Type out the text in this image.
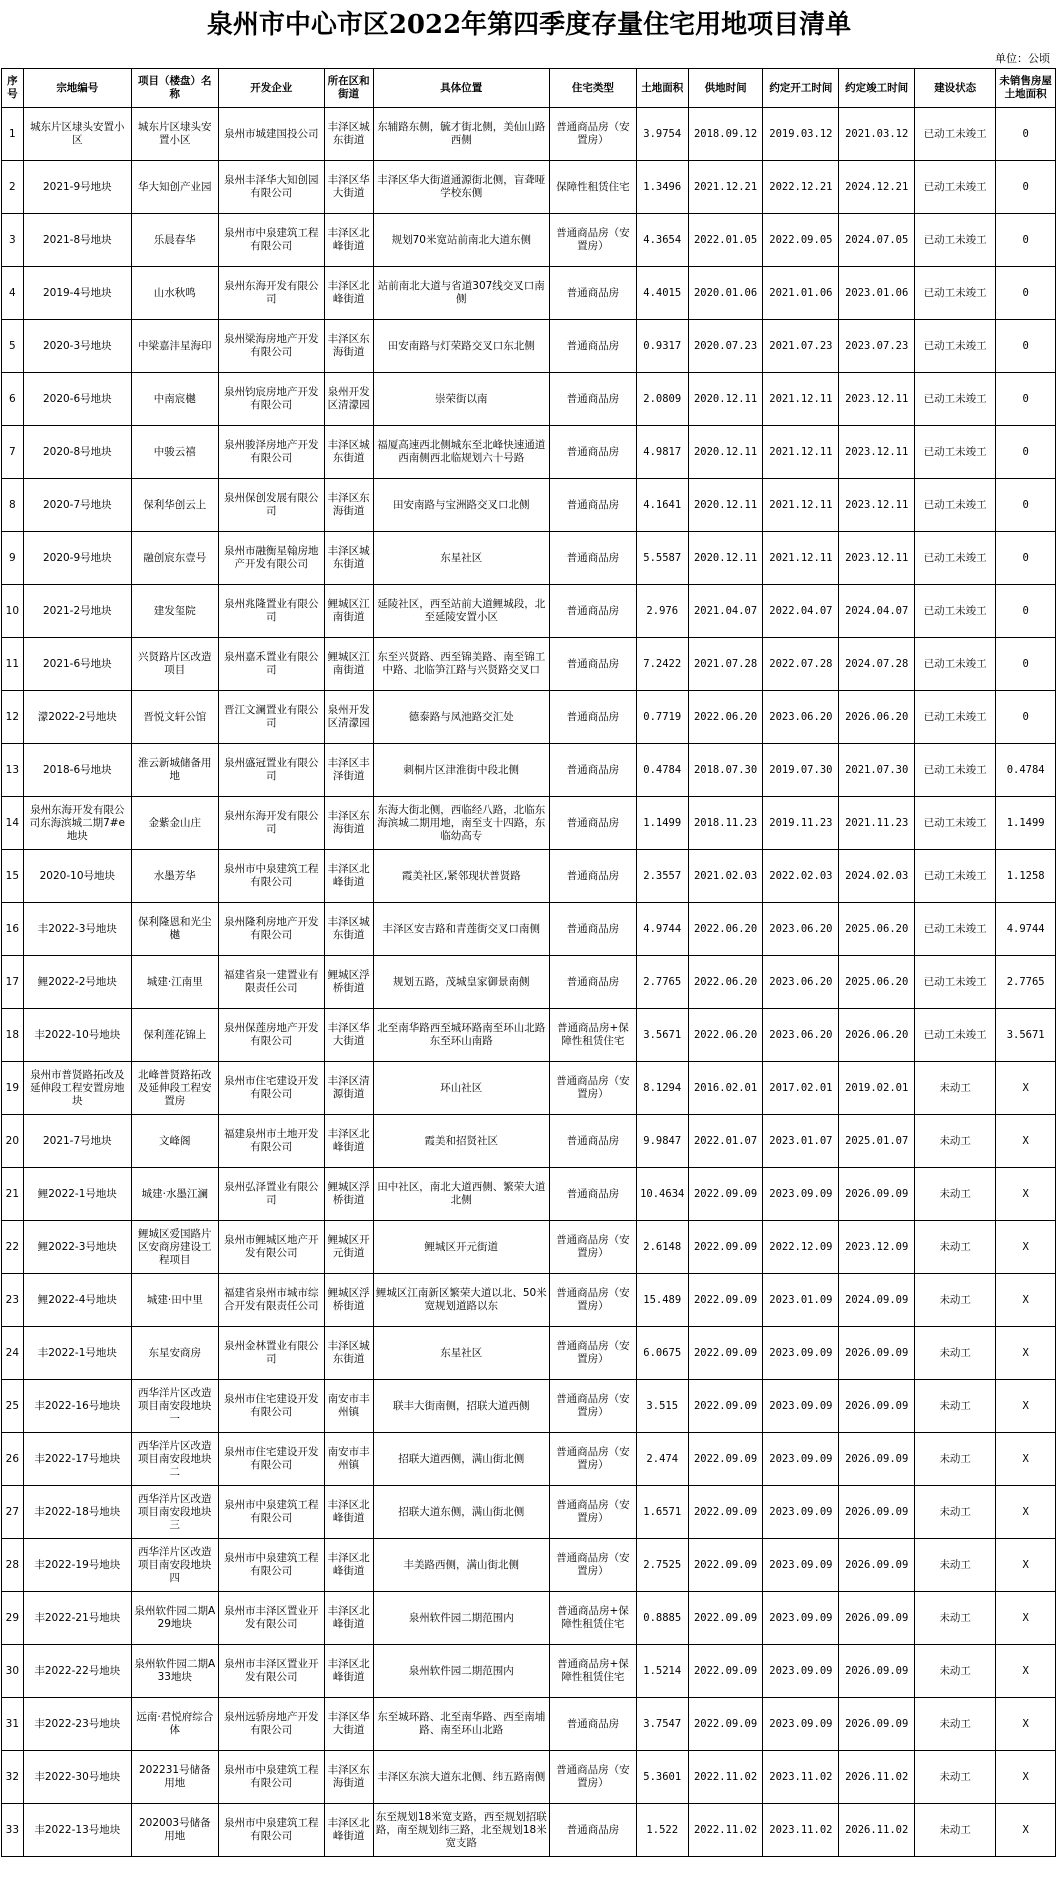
泉州市中心市区2022年第四季度存量住宅用地项目清单
单位：公顷
序号	宗地编号	项目（楼盘）名称	开发企业	所在区和街道	具体位置	住宅类型	土地面积	供地时间	约定开工时间	约定竣工时间	建设状态	未销售房屋土地面积
1	城东片区埭头安置小区	城东片区埭头安置小区	泉州市城建国投公司	丰泽区城东街道	东辅路东侧，毓才街北侧，美仙山路西侧	普通商品房（安置房）	3.9754	2018.09.12	2019.03.12	2021.03.12	已动工未竣工	0
2	2021-9号地块	华大知创产业园	泉州丰泽华大知创园有限公司	丰泽区华大街道	丰泽区华大街道通源街北侧，盲聋哑学校东侧	保障性租赁住宅	1.3496	2021.12.21	2022.12.21	2024.12.21	已动工未竣工	0
3	2021-8号地块	乐晨春华	泉州市中泉建筑工程有限公司	丰泽区北峰街道	规划70米宽站前南北大道东侧	普通商品房（安置房）	4.3654	2022.01.05	2022.09.05	2024.07.05	已动工未竣工	0
4	2019-4号地块	山水秋鸣	泉州东海开发有限公司	丰泽区北峰街道	站前南北大道与省道307线交叉口南侧	普通商品房	4.4015	2020.01.06	2021.01.06	2023.01.06	已动工未竣工	0
5	2020-3号地块	中梁嘉沣星海印	泉州梁海房地产开发有限公司	丰泽区东海街道	田安南路与灯荣路交叉口东北侧	普通商品房	0.9317	2020.07.23	2021.07.23	2023.07.23	已动工未竣工	0
6	2020-6号地块	中南宸樾	泉州钧宸房地产开发有限公司	泉州开发区清濛园	崇荣街以南	普通商品房	2.0809	2020.12.11	2021.12.11	2023.12.11	已动工未竣工	0
7	2020-8号地块	中骏云禧	泉州骏泽房地产开发有限公司	丰泽区城东街道	福厦高速西北侧城东至北峰快速通道西南侧西北临规划六十号路	普通商品房	4.9817	2020.12.11	2021.12.11	2023.12.11	已动工未竣工	0
8	2020-7号地块	保利华创云上	泉州保创发展有限公司	丰泽区东海街道	田安南路与宝洲路交叉口北侧	普通商品房	4.1641	2020.12.11	2021.12.11	2023.12.11	已动工未竣工	0
9	2020-9号地块	融创宸东壹号	泉州市融衡星翰房地产开发有限公司	丰泽区城东街道	东星社区	普通商品房	5.5587	2020.12.11	2021.12.11	2023.12.11	已动工未竣工	0
10	2021-2号地块	建发玺院	泉州兆隆置业有限公司	鲤城区江南街道	延陵社区，西至站前大道鲤城段，北至延陵安置小区	普通商品房	2.976	2021.04.07	2022.04.07	2024.04.07	已动工未竣工	0
11	2021-6号地块	兴贤路片区改造项目	泉州嘉禾置业有限公司	鲤城区江南街道	东至兴贤路、西至锦美路、南至锦工中路、北临笋江路与兴贤路交叉口	普通商品房	7.2422	2021.07.28	2022.07.28	2024.07.28	已动工未竣工	0
12	濛2022-2号地块	晋悦文轩公馆	晋江文澜置业有限公司	泉州开发区清濛园	德泰路与凤池路交汇处	普通商品房	0.7719	2022.06.20	2023.06.20	2026.06.20	已动工未竣工	0
13	2018-6号地块	淮云新城储备用地	泉州盛冠置业有限公司	丰泽区丰泽街道	刺桐片区津淮街中段北侧	普通商品房	0.4784	2018.07.30	2019.07.30	2021.07.30	已动工未竣工	0.4784
14	泉州东海开发有限公司东海滨城二期7#e地块	金紫金山庄	泉州东海开发有限公司	丰泽区东海街道	东海大街北侧，西临经八路，北临东海滨城二期用地，南至支十四路，东临幼高专	普通商品房	1.1499	2018.11.23	2019.11.23	2021.11.23	已动工未竣工	1.1499
15	2020-10号地块	水墨芳华	泉州市中泉建筑工程有限公司	丰泽区北峰街道	霞美社区,紧邻现状普贤路	普通商品房	2.3557	2021.02.03	2022.02.03	2024.02.03	已动工未竣工	1.1258
16	丰2022-3号地块	保利隆恩和光尘樾	泉州隆利房地产开发有限公司	丰泽区城东街道	丰泽区安吉路和青莲街交叉口南侧	普通商品房	4.9744	2022.06.20	2023.06.20	2025.06.20	已动工未竣工	4.9744
17	鲤2022-2号地块	城建·江南里	福建省泉一建置业有限责任公司	鲤城区浮桥街道	规划五路，茂城皇家御景南侧	普通商品房	2.7765	2022.06.20	2023.06.20	2025.06.20	已动工未竣工	2.7765
18	丰2022-10号地块	保利莲花锦上	泉州保莲房地产开发有限公司	丰泽区华大街道	北至南华路西至城环路南至环山北路东至环山南路	普通商品房+保障性租赁住宅	3.5671	2022.06.20	2023.06.20	2026.06.20	已动工未竣工	3.5671
19	泉州市普贤路拓改及延伸段工程安置房地块	北峰普贤路拓改及延伸段工程安置房	泉州市住宅建设开发有限公司	丰泽区清源街道	环山社区	普通商品房（安置房）	8.1294	2016.02.01	2017.02.01	2019.02.01	未动工	X
20	2021-7号地块	文峰阁	福建泉州市土地开发有限公司	丰泽区北峰街道	霞美和招贤社区	普通商品房	9.9847	2022.01.07	2023.01.07	2025.01.07	未动工	X
21	鲤2022-1号地块	城建·水墨江澜	泉州弘泽置业有限公司	鲤城区浮桥街道	田中社区，南北大道西侧、繁荣大道北侧	普通商品房	10.4634	2022.09.09	2023.09.09	2026.09.09	未动工	X
22	鲤2022-3号地块	鲤城区爱国路片区安商房建设工程项目	泉州市鲤城区地产开发有限公司	鲤城区开元街道	鲤城区开元街道	普通商品房（安置房）	2.6148	2022.09.09	2022.12.09	2023.12.09	未动工	X
23	鲤2022-4号地块	城建·田中里	福建省泉州市城市综合开发有限责任公司	鲤城区浮桥街道	鲤城区江南新区繁荣大道以北、50米宽规划道路以东	普通商品房（安置房）	15.489	2022.09.09	2023.01.09	2024.09.09	未动工	X
24	丰2022-1号地块	东星安商房	泉州金林置业有限公司	丰泽区城东街道	东星社区	普通商品房（安置房）	6.0675	2022.09.09	2023.09.09	2026.09.09	未动工	X
25	丰2022-16号地块	西华洋片区改造项目南安段地块一	泉州市住宅建设开发有限公司	南安市丰州镇	联丰大街南侧，招联大道西侧	普通商品房（安置房）	3.515	2022.09.09	2023.09.09	2026.09.09	未动工	X
26	丰2022-17号地块	西华洋片区改造项目南安段地块二	泉州市住宅建设开发有限公司	南安市丰州镇	招联大道西侧，满山街北侧	普通商品房（安置房）	2.474	2022.09.09	2023.09.09	2026.09.09	未动工	X
27	丰2022-18号地块	西华洋片区改造项目南安段地块三	泉州市中泉建筑工程有限公司	丰泽区北峰街道	招联大道东侧，满山街北侧	普通商品房（安置房）	1.6571	2022.09.09	2023.09.09	2026.09.09	未动工	X
28	丰2022-19号地块	西华洋片区改造项目南安段地块四	泉州市中泉建筑工程有限公司	丰泽区北峰街道	丰美路西侧，满山街北侧	普通商品房（安置房）	2.7525	2022.09.09	2023.09.09	2026.09.09	未动工	X
29	丰2022-21号地块	泉州软件园二期A29地块	泉州市丰泽区置业开发有限公司	丰泽区北峰街道	泉州软件园二期范围内	普通商品房+保障性租赁住宅	0.8885	2022.09.09	2023.09.09	2026.09.09	未动工	X
30	丰2022-22号地块	泉州软件园二期A33地块	泉州市丰泽区置业开发有限公司	丰泽区北峰街道	泉州软件园二期范围内	普通商品房+保障性租赁住宅	1.5214	2022.09.09	2023.09.09	2026.09.09	未动工	X
31	丰2022-23号地块	远南·君悦府综合体	泉州远骄房地产开发有限公司	丰泽区华大街道	东至城环路、北至南华路、西至南埔路、南至环山北路	普通商品房	3.7547	2022.09.09	2023.09.09	2026.09.09	未动工	X
32	丰2022-30号地块	202231号储备用地	泉州市中泉建筑工程有限公司	丰泽区东海街道	丰泽区东滨大道东北侧、纬五路南侧	普通商品房（安置房）	5.3601	2022.11.02	2023.11.02	2026.11.02	未动工	X
33	丰2022-13号地块	202003号储备用地	泉州市中泉建筑工程有限公司	丰泽区北峰街道	东至规划18米宽支路，西至规划招联路，南至规划纬三路，北至规划18米宽支路	普通商品房	1.522	2022.11.02	2023.11.02	2026.11.02	未动工	X
